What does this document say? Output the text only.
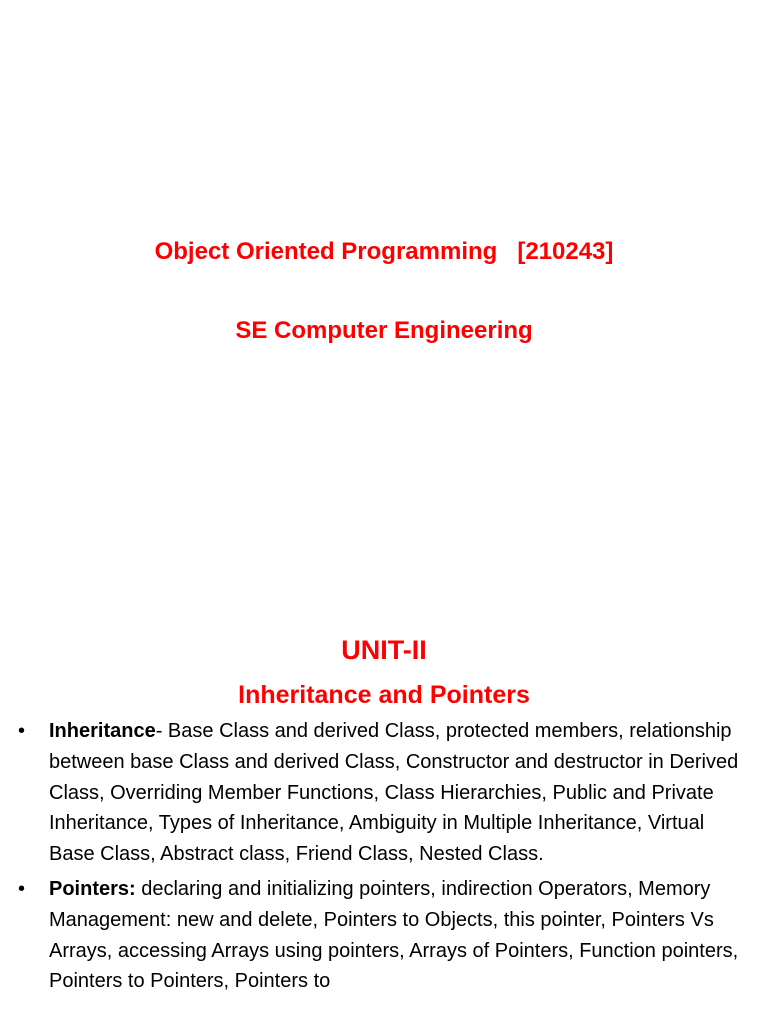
Object Oriented Programming [210243]
SE Computer Engineering
UNIT-II
Inheritance and Pointers
•	Inheritance- Base Class and derived Class, protected members, relationship between base Class and derived Class, Constructor and destructor in Derived Class, Overriding Member Functions, Class Hierarchies, Public and Private Inheritance, Types of Inheritance, Ambiguity in Multiple Inheritance, Virtual Base Class, Abstract class, Friend Class, Nested Class.
•	Pointers: declaring and initializing pointers, indirection Operators, Memory Management: new and delete, Pointers to Objects, this pointer, Pointers Vs Arrays, accessing Arrays using pointers, Arrays of Pointers, Function pointers, Pointers to Pointers, Pointers to
